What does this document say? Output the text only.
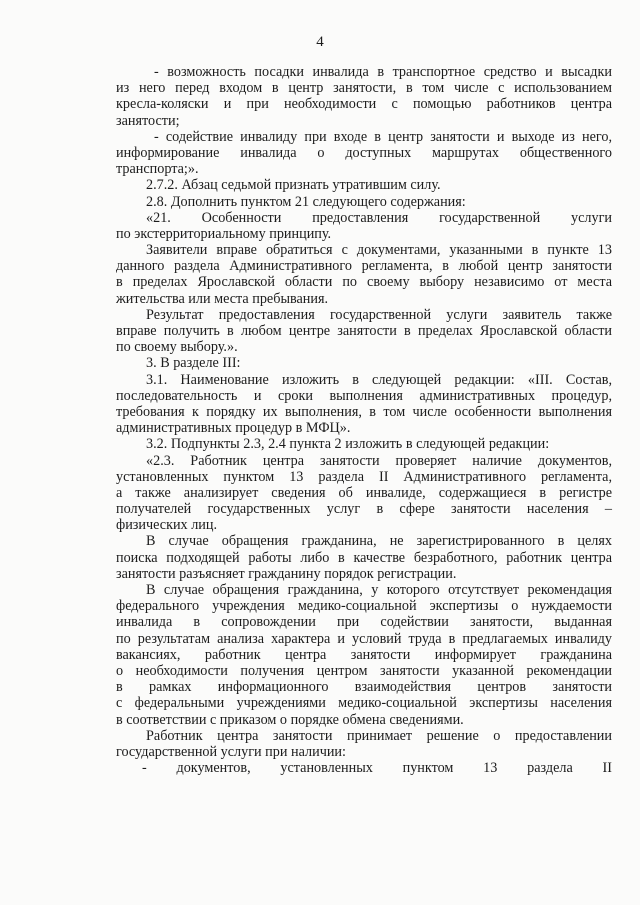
4
- возможность посадки инвалида в транспортное средство и высадки
из него перед входом в центр занятости, в том числе с использованием
кресла-коляски и при необходимости с помощью работников центра
занятости;
- содействие инвалиду при входе в центр занятости и выходе из него,
информирование инвалида о доступных маршрутах общественного
транспорта;».
2.7.2. Абзац седьмой признать утратившим силу.
2.8. Дополнить пунктом 21 следующего содержания:
«21. Особенности предоставления государственной услуги
по экстерриториальному принципу.
Заявители вправе обратиться с документами, указанными в пункте 13
данного раздела Административного регламента, в любой центр занятости
в пределах Ярославской области по своему выбору независимо от места
жительства или места пребывания.
Результат предоставления государственной услуги заявитель также
вправе получить в любом центре занятости в пределах Ярославской области
по своему выбору.».
3. В разделе III:
3.1. Наименование изложить в следующей редакции: «III. Состав,
последовательность и сроки выполнения административных процедур,
требования к порядку их выполнения, в том числе особенности выполнения
административных процедур в МФЦ».
3.2. Подпункты 2.3, 2.4 пункта 2 изложить в следующей редакции:
«2.3. Работник центра занятости проверяет наличие документов,
установленных пунктом 13 раздела II Административного регламента,
а также анализирует сведения об инвалиде, содержащиеся в регистре
получателей государственных услуг в сфере занятости населения –
физических лиц.
В случае обращения гражданина, не зарегистрированного в целях
поиска подходящей работы либо в качестве безработного, работник центра
занятости разъясняет гражданину порядок регистрации.
В случае обращения гражданина, у которого отсутствует рекомендация
федерального учреждения медико-социальной экспертизы о нуждаемости
инвалида в сопровождении при содействии занятости, выданная
по результатам анализа характера и условий труда в предлагаемых инвалиду
вакансиях, работник центра занятости информирует гражданина
о необходимости получения центром занятости указанной рекомендации
в рамках информационного взаимодействия центров занятости
с федеральными учреждениями медико-социальной экспертизы населения
в соответствии с приказом о порядке обмена сведениями.
Работник центра занятости принимает решение о предоставлении
государственной услуги при наличии:
- документов, установленных пунктом 13 раздела II
